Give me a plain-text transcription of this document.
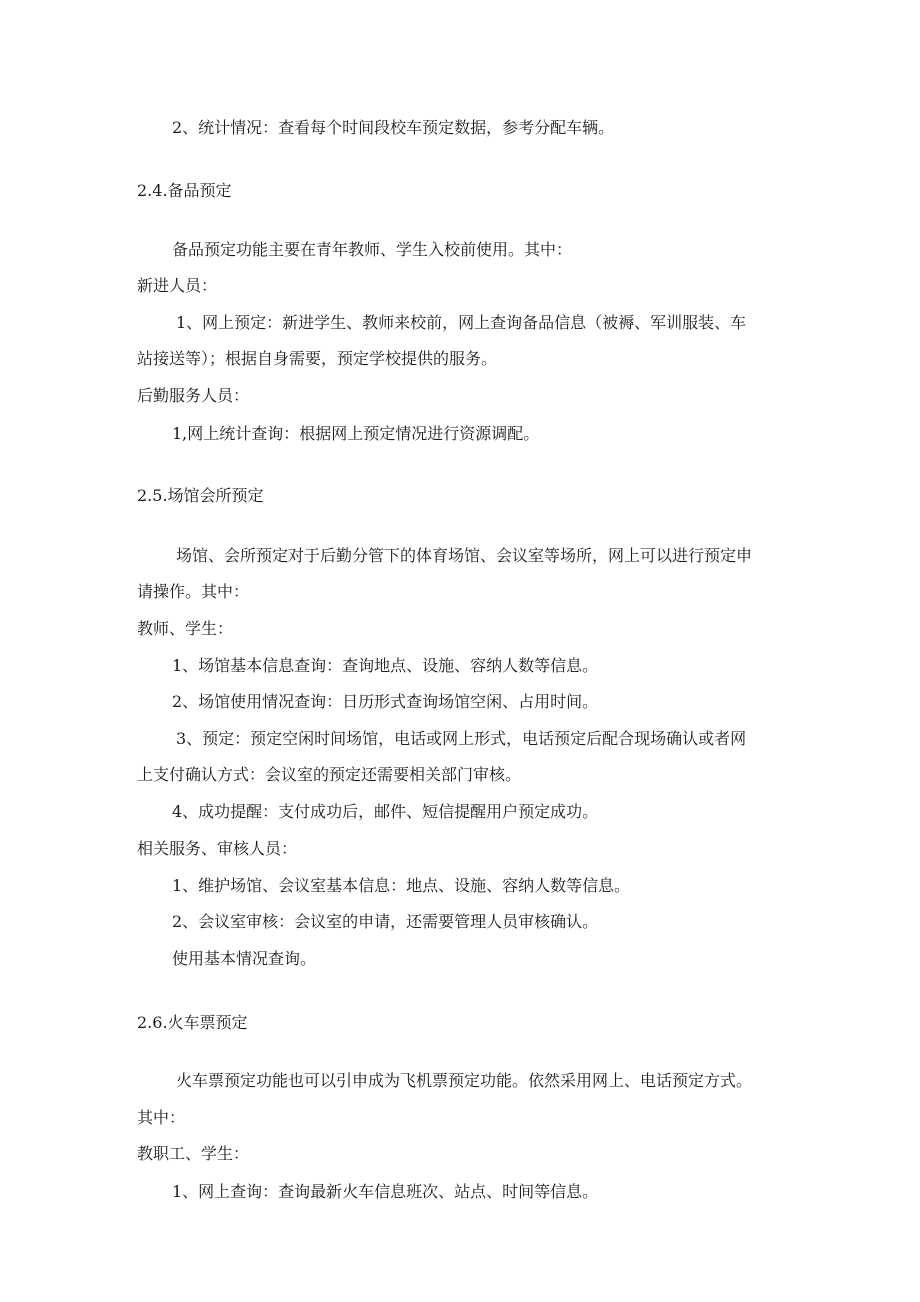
2、统计情况：查看每个时间段校车预定数据，参考分配车辆。
2.4.备品预定
备品预定功能主要在青年教师、学生入校前使用。其中：
新进人员：
1、网上预定：新进学生、教师来校前，网上查询备品信息（被褥、军训服装、车
站接送等）；根据自身需要，预定学校提供的服务。
后勤服务人员：
1,网上统计查询：根据网上预定情况进行资源调配。
2.5.场馆会所预定
场馆、会所预定对于后勤分管下的体育场馆、会议室等场所，网上可以进行预定申
请操作。其中：
教师、学生：
1、场馆基本信息查询：查询地点、设施、容纳人数等信息。
2、场馆使用情况查询：日历形式查询场馆空闲、占用时间。
3、预定：预定空闲时间场馆，电话或网上形式，电话预定后配合现场确认或者网
上支付确认方式：会议室的预定还需要相关部门审核。
4、成功提醒：支付成功后，邮件、短信提醒用户预定成功。
相关服务、审核人员：
1、维护场馆、会议室基本信息：地点、设施、容纳人数等信息。
2、会议室审核：会议室的申请，还需要管理人员审核确认。
使用基本情况查询。
2.6.火车票预定
火车票预定功能也可以引申成为飞机票预定功能。依然采用网上、电话预定方式。
其中：
教职工、学生：
1、网上查询：查询最新火车信息班次、站点、时间等信息。
